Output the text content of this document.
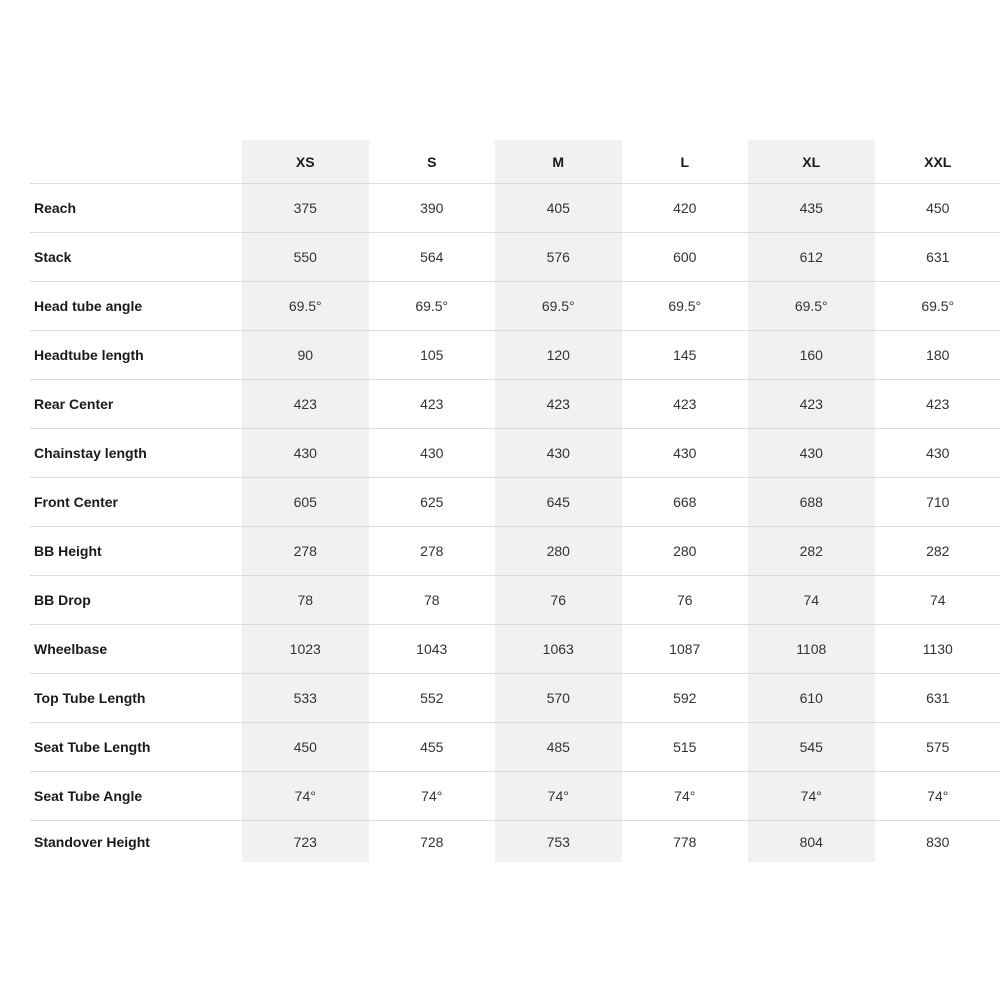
	XS	S	M	L	XL	XXL
Reach	375	390	405	420	435	450
Stack	550	564	576	600	612	631
Head tube angle	69.5°	69.5°	69.5°	69.5°	69.5°	69.5°
Headtube length	90	105	120	145	160	180
Rear Center	423	423	423	423	423	423
Chainstay length	430	430	430	430	430	430
Front Center	605	625	645	668	688	710
BB Height	278	278	280	280	282	282
BB Drop	78	78	76	76	74	74
Wheelbase	1023	1043	1063	1087	1108	1130
Top Tube Length	533	552	570	592	610	631
Seat Tube Length	450	455	485	515	545	575
Seat Tube Angle	74°	74°	74°	74°	74°	74°
Standover Height	723	728	753	778	804	830
